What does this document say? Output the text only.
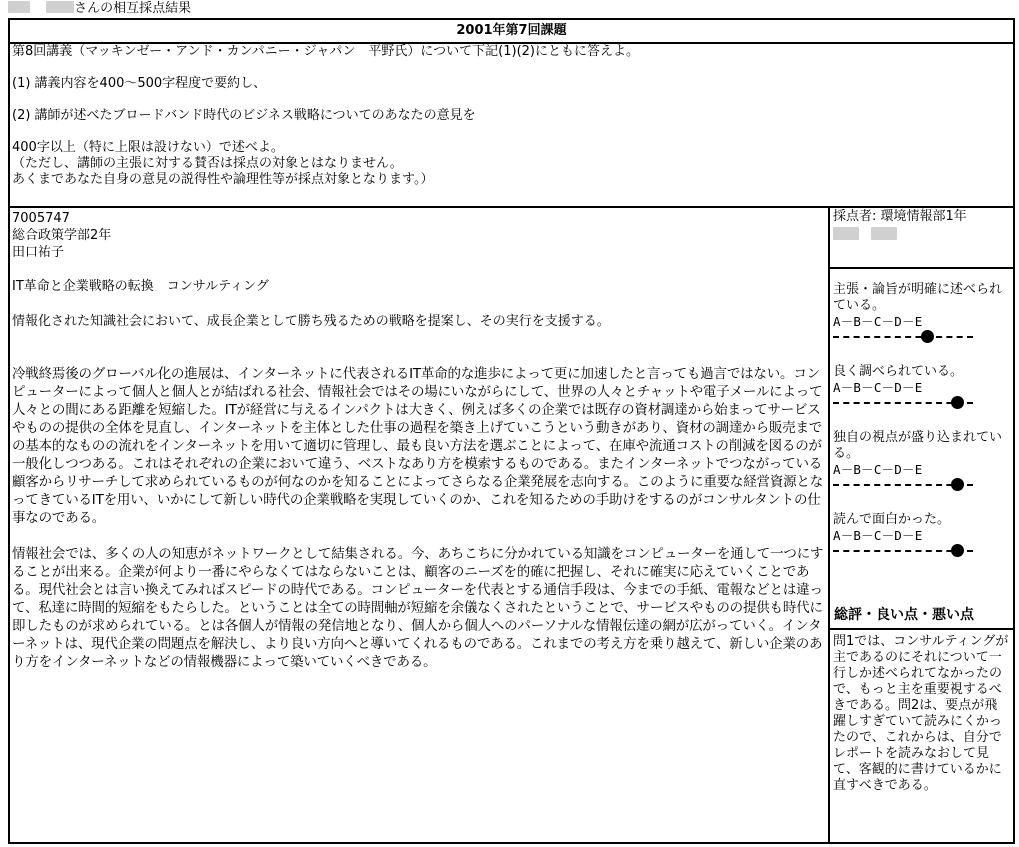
さんの相互採点結果
2001年第7回課題
第8回講義（マッキンゼー・アンド・カンパニー・ジャパン　平野氏）について下記(1)(2)にともに答えよ。

(1) 講義内容を400～500字程度で要約し、

(2) 講師が述べたブロードバンド時代のビジネス戦略についてのあなたの意見を

400字以上（特に上限は設けない）で述べよ。
（ただし、講師の主張に対する賛否は採点の対象とはなりません。
あくまであなた自身の意見の説得性や論理性等が採点対象となります。）
7005747
総合政策学部2年
田口祐子
IT革命と企業戦略の転換　コンサルティング
情報化された知識社会において、成長企業として勝ち残るための戦略を提案し、その実行を支援する。
冷戦終焉後のグローバル化の進展は、インターネットに代表されるIT革命的な進歩によって更に加速したと言っても過言ではない。コンピューターによって個人と個人とが結ばれる社会、情報社会ではその場にいながらにして、世界の人々とチャットや電子メールによって人々との間にある距離を短縮した。ITが経営に与えるインパクトは大きく、例えば多くの企業では既存の資材調達から始まってサービスやものの提供の全体を見直し、インターネットを主体とした仕事の過程を築き上げていこうという動きがあり、資材の調達から販売までの基本的なものの流れをインターネットを用いて適切に管理し、最も良い方法を選ぶことによって、在庫や流通コストの削減を図るのが一般化しつつある。これはそれぞれの企業において違う、ベストなあり方を模索するものである。またインターネットでつながっている顧客からリサーチして求められているものが何なのかを知ることによってさらなる企業発展を志向する。このように重要な経営資源となってきているITを用い、いかにして新しい時代の企業戦略を実現していくのか、これを知るための手助けをするのがコンサルタントの仕事なのである。
情報社会では、多くの人の知恵がネットワークとして結集される。今、あちこちに分かれている知識をコンピューターを通して一つにすることが出来る。企業が何より一番にやらなくてはならないことは、顧客のニーズを的確に把握し、それに確実に応えていくことである。現代社会とは言い換えてみればスピードの時代である。コンピューターを代表とする通信手段は、今までの手紙、電報などとは違って、私達に時間的短縮をもたらした。ということは全ての時間軸が短縮を余儀なくされたということで、サービスやものの提供も時代に即したものが求められている。とは各個人が情報の発信地となり、個人から個人へのパーソナルな情報伝達の網が広がっていく。インターネットは、現代企業の問題点を解決し、より良い方向へと導いてくれるものである。これまでの考え方を乗り越えて、新しい企業のあり方をインターネットなどの情報機器によって築いていくべきである。
採点者: 環境情報部1年

主張・論旨が明確に述べられている。
A－B－C－D－E
良く調べられている。
A－B－C－D－E
独自の視点が盛り込まれている。
A－B－C－D－E
読んで面白かった。
A－B－C－D－E
総評・良い点・悪い点
問1では、コンサルティングが主であるのにそれについて一行しか述べられてなかったので、もっと主を重要視するべきである。問2は、要点が飛躍しすぎていて読みにくかったので、これからは、自分でレポートを読みなおして見て、客観的に書けているかに直すべきである。
